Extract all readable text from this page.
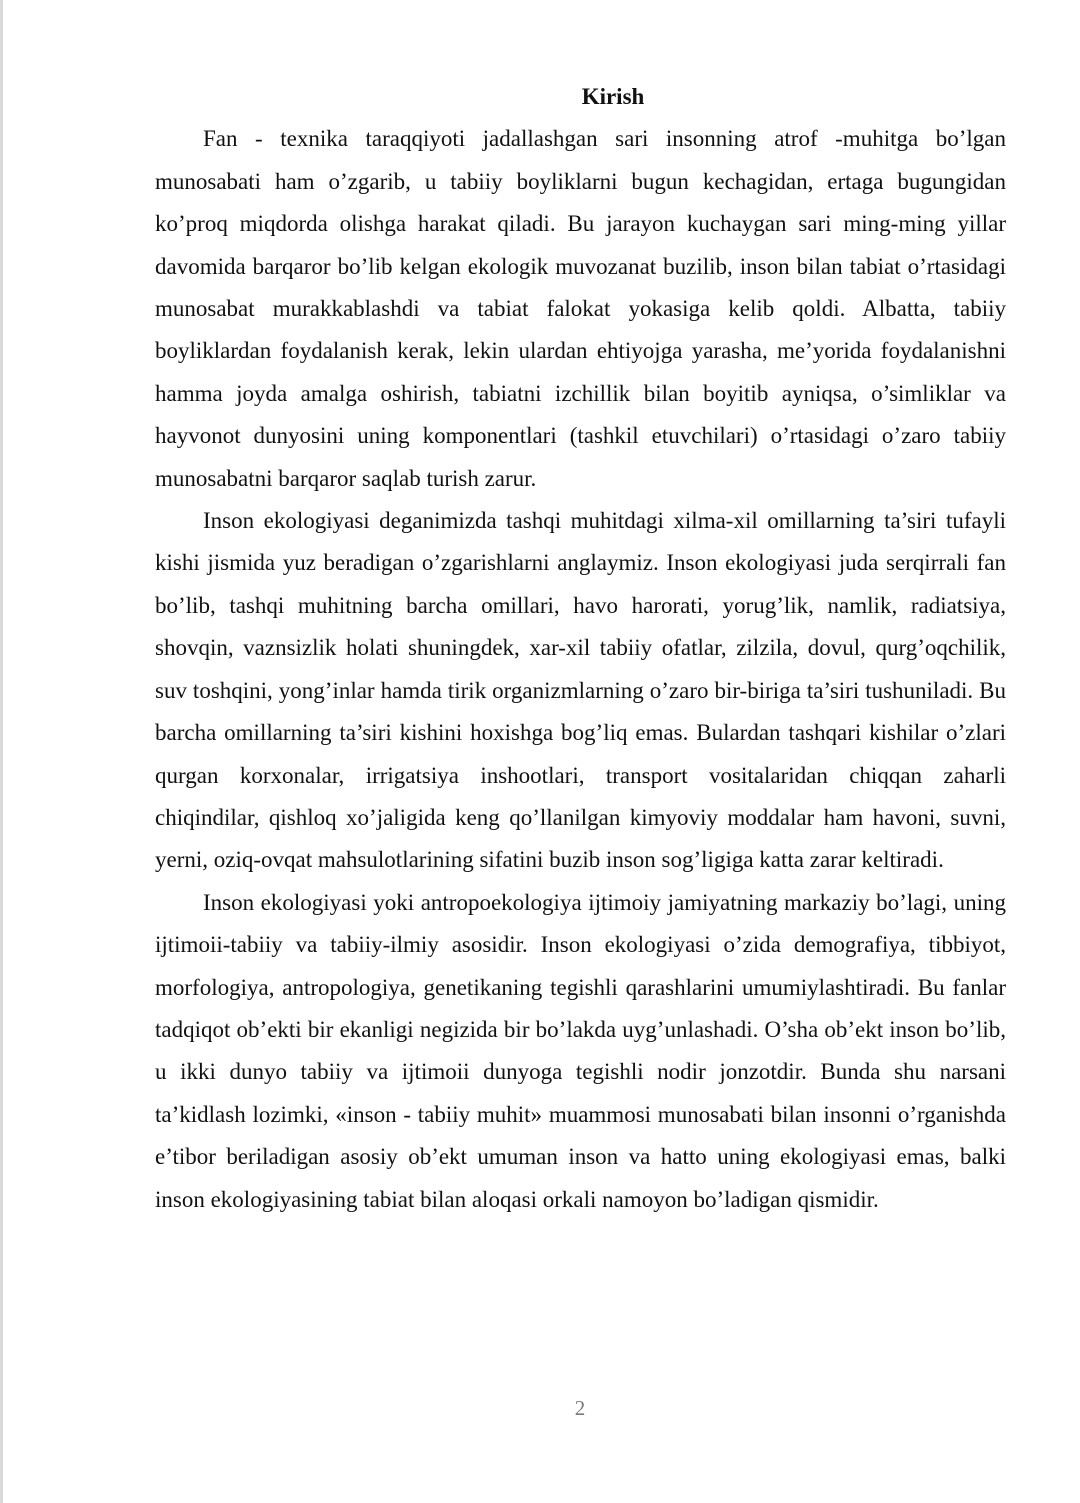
Kirish

Fan - texnika taraqqiyoti jadallashgan sari insonning atrof -muhitga bo’lgan munosabati ham o’zgarib, u tabiiy boyliklarni bugun kechagidan, ertaga bugungidan ko’proq miqdorda olishga harakat qiladi. Bu jarayon kuchaygan sari ming-ming yillar davomida barqaror bo’lib kelgan ekologik muvozanat buzilib, inson bilan tabiat o’rtasidagi munosabat murakkablashdi va tabiat falokat yokasiga kelib qoldi. Albatta, tabiiy boyliklardan foydalanish kerak, lekin ulardan ehtiyojga yarasha, me’yorida foydalanishni hamma joyda amalga oshirish, tabiatni izchillik bilan boyitib ayniqsa, o’simliklar va hayvonot dunyosini uning komponentlari (tashkil etuvchilari) o’rtasidagi o’zaro tabiiy munosabatni barqaror saqlab turish zarur.

Inson ekologiyasi deganimizda tashqi muhitdagi xilma-xil omillarning ta’siri tufayli kishi jismida yuz beradigan o’zgarishlarni anglaymiz. Inson ekologiyasi juda serqirrali fan bo’lib, tashqi muhitning barcha omillari, havo harorati, yorug’lik, namlik, radiatsiya, shovqin, vaznsizlik holati shuningdek, xar-xil tabiiy ofatlar, zilzila, dovul, qurg’oqchilik, suv toshqini, yong’inlar hamda tirik organizmlarning o’zaro bir-biriga ta’siri tushuniladi. Bu barcha omillarning ta’siri kishini hoxishga bog’liq emas. Bulardan tashqari kishilar o’zlari qurgan korxonalar, irrigatsiya inshootlari, transport vositalaridan chiqqan zaharli chiqindilar, qishloq xo’jaligida keng qo’llanilgan kimyoviy moddalar ham havoni, suvni, yerni, oziq-ovqat mahsulotlarining sifatini buzib inson sog’ligiga katta zarar keltiradi.

Inson ekologiyasi yoki antropoekologiya ijtimoiy jamiyatning markaziy bo’lagi, uning ijtimoii-tabiiy va tabiiy-ilmiy asosidir. Inson ekologiyasi o’zida demografiya, tibbiyot, morfologiya, antropologiya, genetikaning tegishli qarashlarini umumiylashtiradi. Bu fanlar tadqiqot ob’ekti bir ekanligi negizida bir bo’lakda uyg’unlashadi. O’sha ob’ekt inson bo’lib, u ikki dunyo tabiiy va ijtimoii dunyoga tegishli nodir jonzotdir. Bunda shu narsani ta’kidlash lozimki, «inson - tabiiy muhit» muammosi munosabati bilan insonni o’rganishda e’tibor beriladigan asosiy ob’ekt umuman inson va hatto uning ekologiyasi emas, balki inson ekologiyasining tabiat bilan aloqasi orkali namoyon bo’ladigan qismidir.

2
